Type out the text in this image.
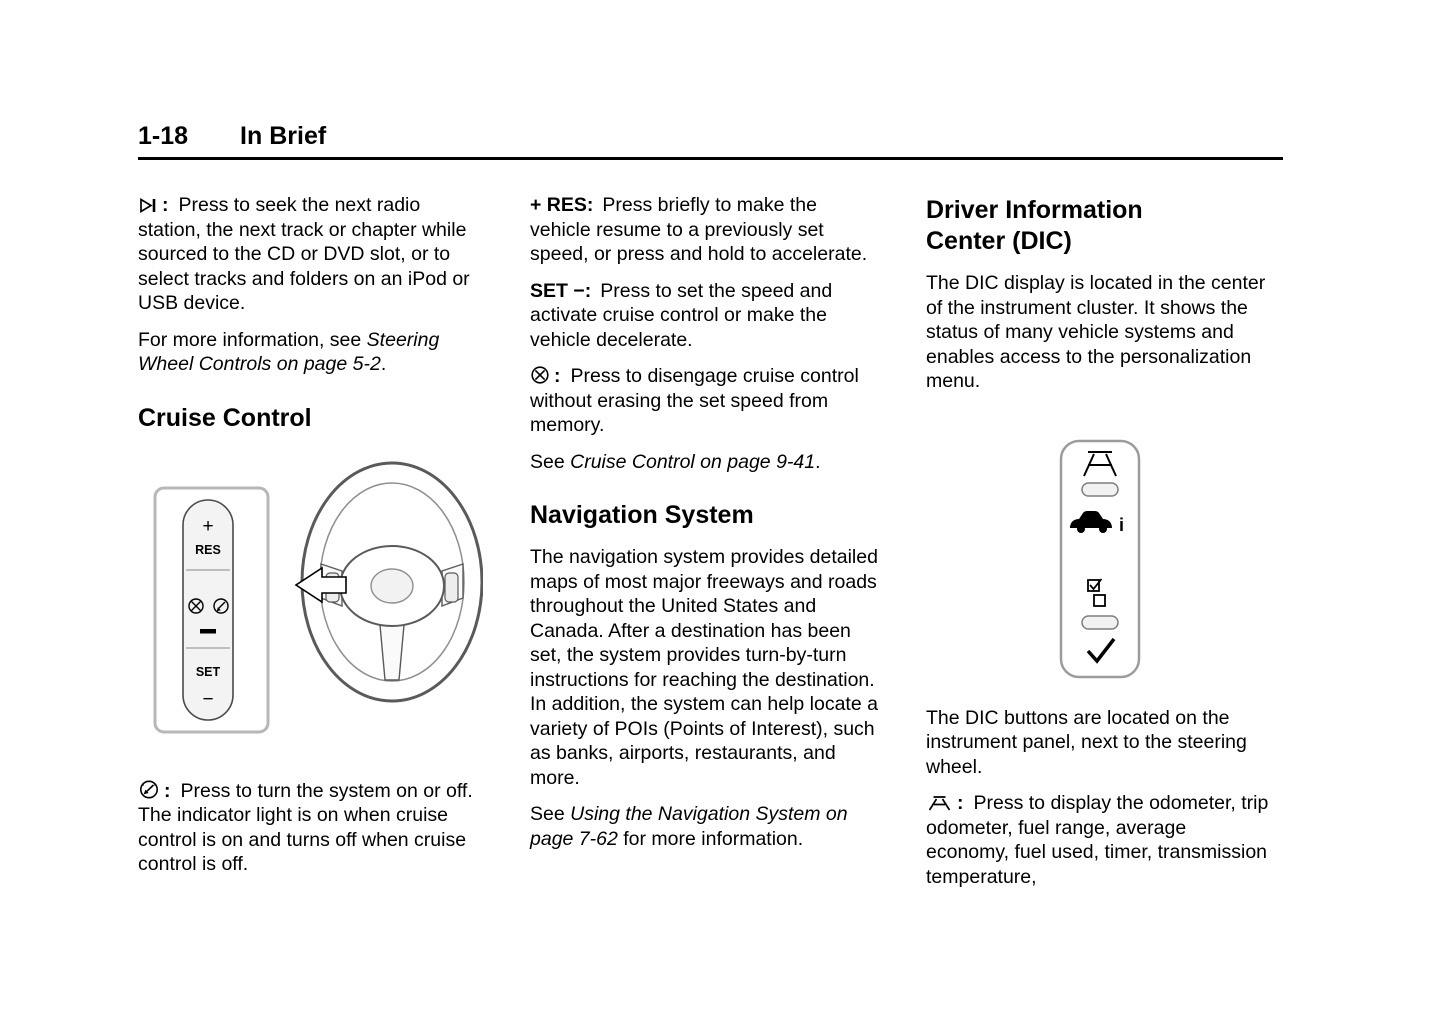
1-18 In Brief

: Press to seek the next radio station, the next track or chapter while sourced to the CD or DVD slot, or to select tracks and folders on an iPod or USB device.

For more information, see Steering Wheel Controls on page 5-2.

Cruise Control
+
RES
SET
−

: Press to turn the system on or off. The indicator light is on when cruise control is on and turns off when cruise control is off.

+ RES: Press briefly to make the vehicle resume to a previously set speed, or press and hold to accelerate.

SET −: Press to set the speed and activate cruise control or make the vehicle decelerate.

: Press to disengage cruise control without erasing the set speed from memory.

See Cruise Control on page 9-41.

Navigation System

The navigation system provides detailed maps of most major freeways and roads throughout the United States and Canada. After a destination has been set, the system provides turn-by-turn instructions for reaching the destination. In addition, the system can help locate a variety of POIs (Points of Interest), such as banks, airports, restaurants, and more.

See Using the Navigation System on page 7-62 for more information.

Driver Information Center (DIC)

The DIC display is located in the center of the instrument cluster. It shows the status of many vehicle systems and enables access to the personalization menu.

i

The DIC buttons are located on the instrument panel, next to the steering wheel.

: Press to display the odometer, trip odometer, fuel range, average economy, fuel used, timer, transmission temperature,
